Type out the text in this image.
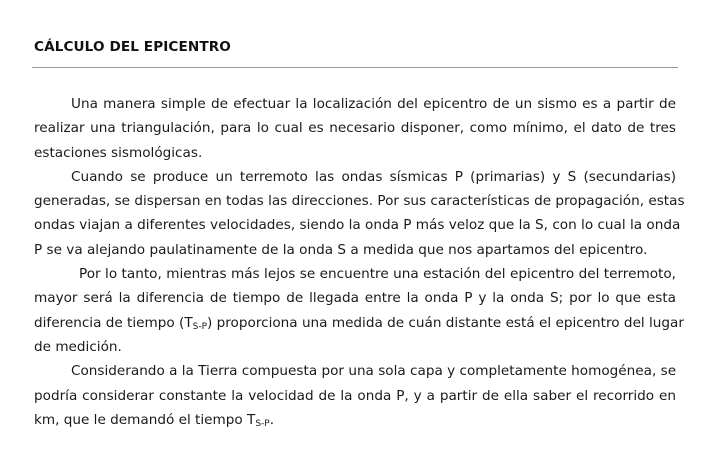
CÁLCULO DEL EPICENTRO
Una manera simple de efectuar la localización del epicentro de un sismo es a partir de
realizar una triangulación, para lo cual es necesario disponer, como mínimo, el dato de tres
estaciones sismológicas.
Cuando se produce un terremoto las ondas sísmicas P (primarias) y S (secundarias)
generadas, se dispersan en todas las direcciones. Por sus características de propagación, estas
ondas viajan a diferentes velocidades, siendo la onda P más veloz que la S, con lo cual la onda
P se va alejando paulatinamente de la onda S a medida que nos apartamos del epicentro.
Por lo tanto, mientras más lejos se encuentre una estación del epicentro del terremoto,
mayor será la diferencia de tiempo de llegada entre la onda P y la onda S; por lo que esta
diferencia de tiempo $(T_{S-P})$ proporciona una medida de cuán distante está el epicentro del lugar
de medición.
Considerando a la Tierra compuesta por una sola capa y completamente homogénea, se
podría considerar constante la velocidad de la onda P, y a partir de ella saber el recorrido en
km, que le demandó el tiempo $T_{S-P}$.
